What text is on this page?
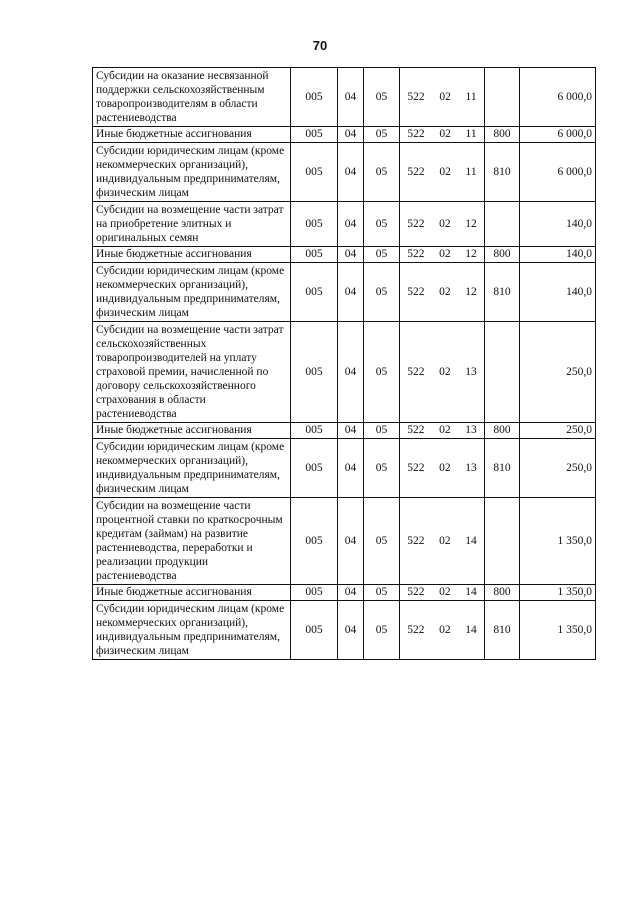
70
Субсидии на оказание несвязанной поддержки сельскохозяйственным товаропроизводителям в области растениеводства	005	04	05	522 02 11		6 000,0
Иные бюджетные ассигнования	005	04	05	522 02 11	800	6 000,0
Субсидии юридическим лицам (кроме некоммерческих организаций), индивидуальным предпринимателям, физическим лицам	005	04	05	522 02 11	810	6 000,0
Субсидии на возмещение части затрат на приобретение элитных и оригинальных семян	005	04	05	522 02 12		140,0
Иные бюджетные ассигнования	005	04	05	522 02 12	800	140,0
Субсидии юридическим лицам (кроме некоммерческих организаций), индивидуальным предпринимателям, физическим лицам	005	04	05	522 02 12	810	140,0
Субсидии на возмещение части затрат сельскохозяйственных товаропроизводителей на уплату страховой премии, начисленной по договору сельскохозяйственного страхования в области растениеводства	005	04	05	522 02 13		250,0
Иные бюджетные ассигнования	005	04	05	522 02 13	800	250,0
Субсидии юридическим лицам (кроме некоммерческих организаций), индивидуальным предпринимателям, физическим лицам	005	04	05	522 02 13	810	250,0
Субсидии на возмещение части процентной ставки по краткосрочным кредитам (займам) на развитие растениеводства, переработки и реализации продукции растениеводства	005	04	05	522 02 14		1 350,0
Иные бюджетные ассигнования	005	04	05	522 02 14	800	1 350,0
Субсидии юридическим лицам (кроме некоммерческих организаций), индивидуальным предпринимателям, физическим лицам	005	04	05	522 02 14	810	1 350,0
